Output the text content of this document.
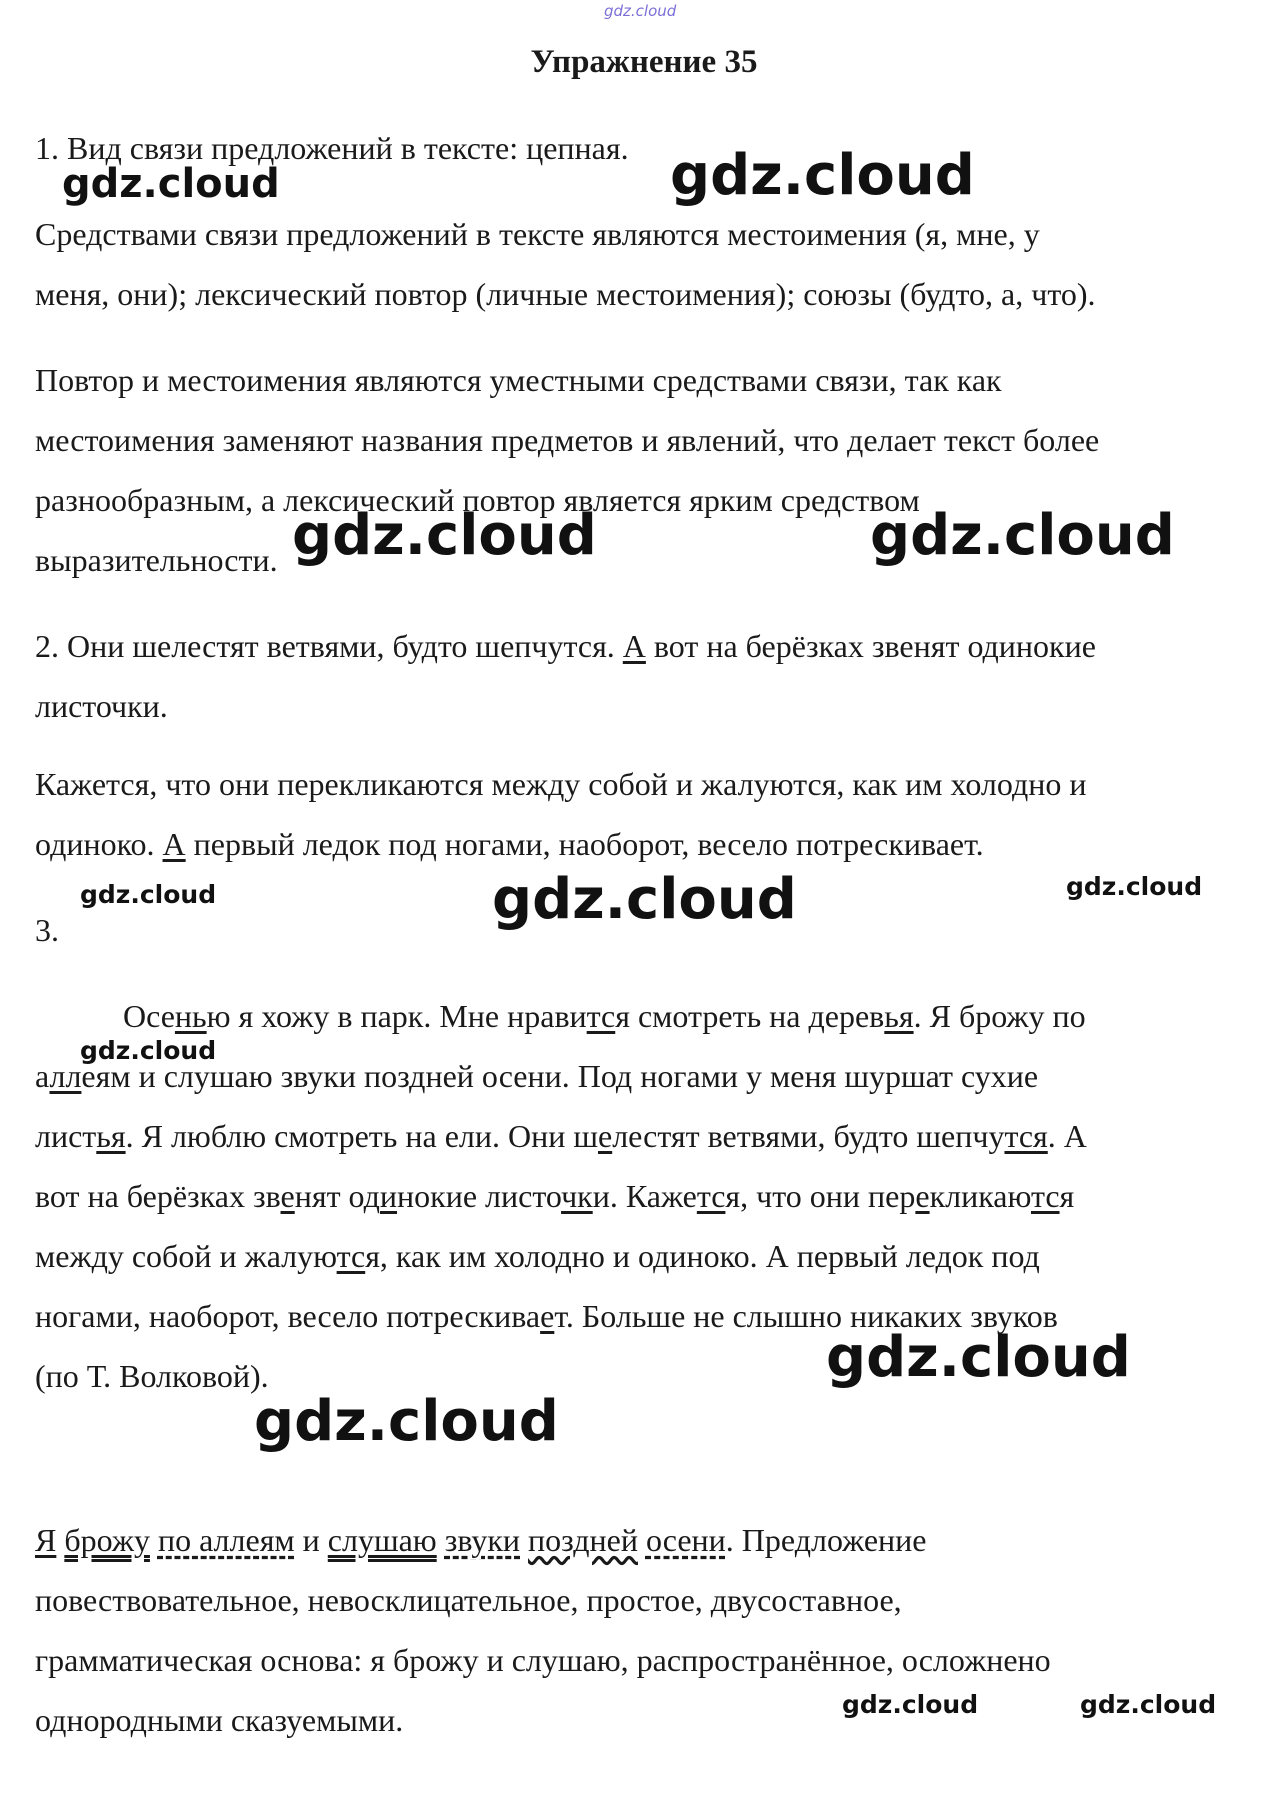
gdz.cloud
Упражнение 35
1. Вид связи предложений в тексте: цепная.
Средствами связи предложений в тексте являются местоимения (я, мне, у
меня, они); лексический повтор (личные местоимения); союзы (будто, а, что).
Повтор и местоимения являются уместными средствами связи, так как
местоимения заменяют названия предметов и явлений, что делает текст более
разнообразным, а лексический повтор является ярким средством
выразительности.
2. Они шелестят ветвями, будто шепчутся. А вот на берёзках звенят одинокие
листочки.
Кажется, что они перекликаются между собой и жалуются, как им холодно и
одиноко. А первый ледок под ногами, наоборот, весело потрескивает.
3.
Осенью я хожу в парк. Мне нравится смотреть на деревья. Я брожу по
аллеям и слушаю звуки поздней осени. Под ногами у меня шуршат сухие
листья. Я люблю смотреть на ели. Они шелестят ветвями, будто шепчутся. А
вот на берёзках звенят одинокие листочки. Кажется, что они перекликаются
между собой и жалуются, как им холодно и одиноко. А первый ледок под
ногами, наоборот, весело потрескивает. Больше не слышно никаких звуков
(по Т. Волковой).
Я брожу по аллеям и слушаю звуки поздней осени. Предложение
повествовательное, невосклицательное, простое, двусоставное,
грамматическая основа: я брожу и слушаю, распространённое, осложнено
однородными сказуемыми.
gdz.cloud	gdz.cloud
gdz.cloud	gdz.cloud
gdz.cloud	gdz.cloud	gdz.cloud
gdz.cloud
gdz.cloud
gdz.cloud
gdz.cloud	gdz.cloud
